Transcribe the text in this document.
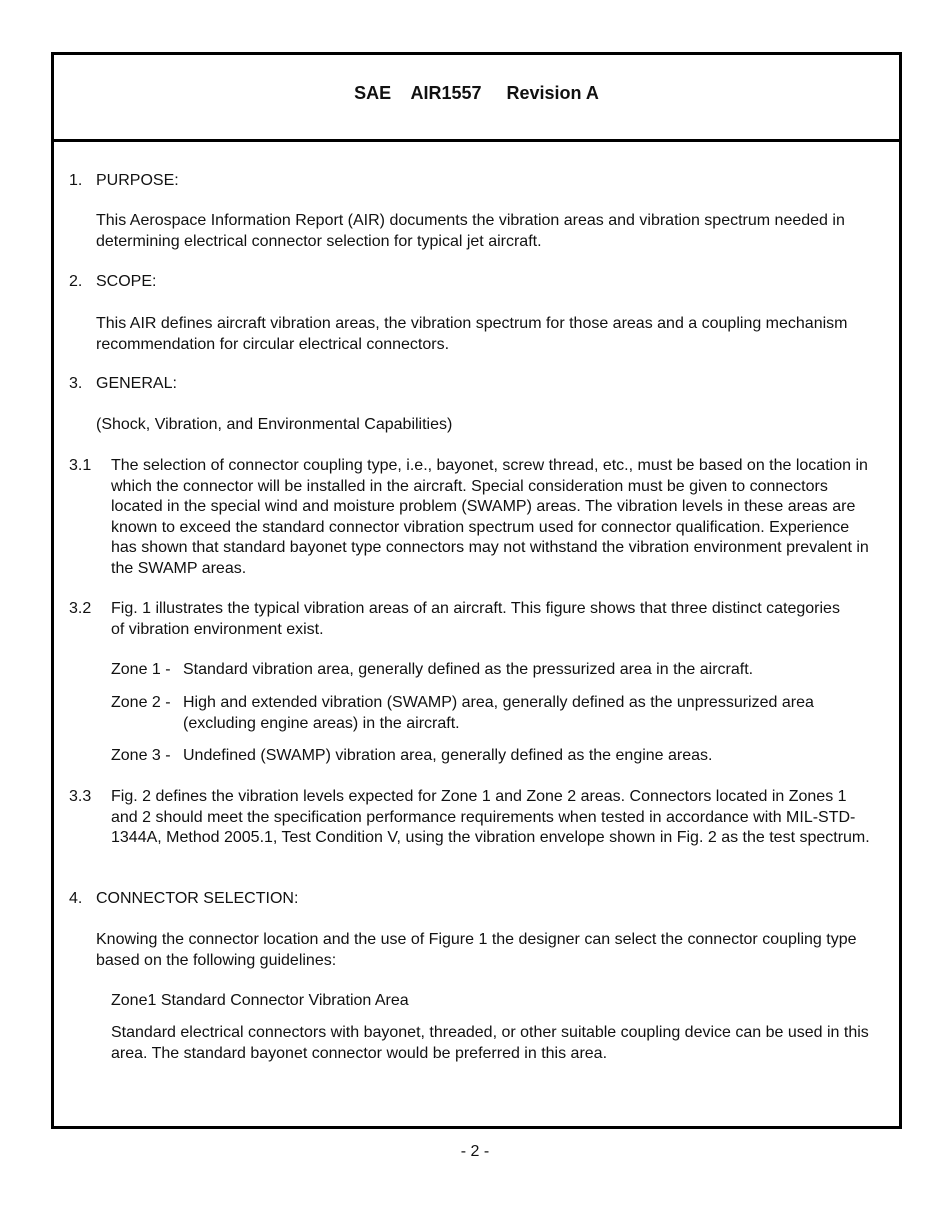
SAE    AIR1557     Revision A
1. PURPOSE:
This Aerospace Information Report (AIR) documents the vibration areas and vibration spectrum needed in determining electrical connector selection for typical jet aircraft.
2. SCOPE:
This AIR defines aircraft vibration areas, the vibration spectrum for those areas and a coupling mechanism recommendation for circular electrical connectors.
3. GENERAL:
(Shock, Vibration, and Environmental Capabilities)
3.1 The selection of connector coupling type, i.e., bayonet, screw thread, etc., must be based on the location in which the connector will be installed in the aircraft. Special consideration must be given to connectors located in the special wind and moisture problem (SWAMP) areas. The vibration levels in these areas are known to exceed the standard connector vibration spectrum used for connector qualification. Experience has shown that standard bayonet type connectors may not withstand the vibration environment prevalent in the SWAMP areas.
3.2 Fig. 1 illustrates the typical vibration areas of an aircraft. This figure shows that three distinct categories of vibration environment exist.
Zone 1 - Standard vibration area, generally defined as the pressurized area in the aircraft.
Zone 2 - High and extended vibration (SWAMP) area, generally defined as the unpressurized area (excluding engine areas) in the aircraft.
Zone 3 - Undefined (SWAMP) vibration area, generally defined as the engine areas.
3.3 Fig. 2 defines the vibration levels expected for Zone 1 and Zone 2 areas. Connectors located in Zones 1 and 2 should meet the specification performance requirements when tested in accordance with MIL-STD-1344A, Method 2005.1, Test Condition V, using the vibration envelope shown in Fig. 2 as the test spectrum.
4. CONNECTOR SELECTION:
Knowing the connector location and the use of Figure 1 the designer can select the connector coupling type based on the following guidelines:
Zone1 Standard Connector Vibration Area
Standard electrical connectors with bayonet, threaded, or other suitable coupling device can be used in this area. The standard bayonet connector would be preferred in this area.
- 2 -
